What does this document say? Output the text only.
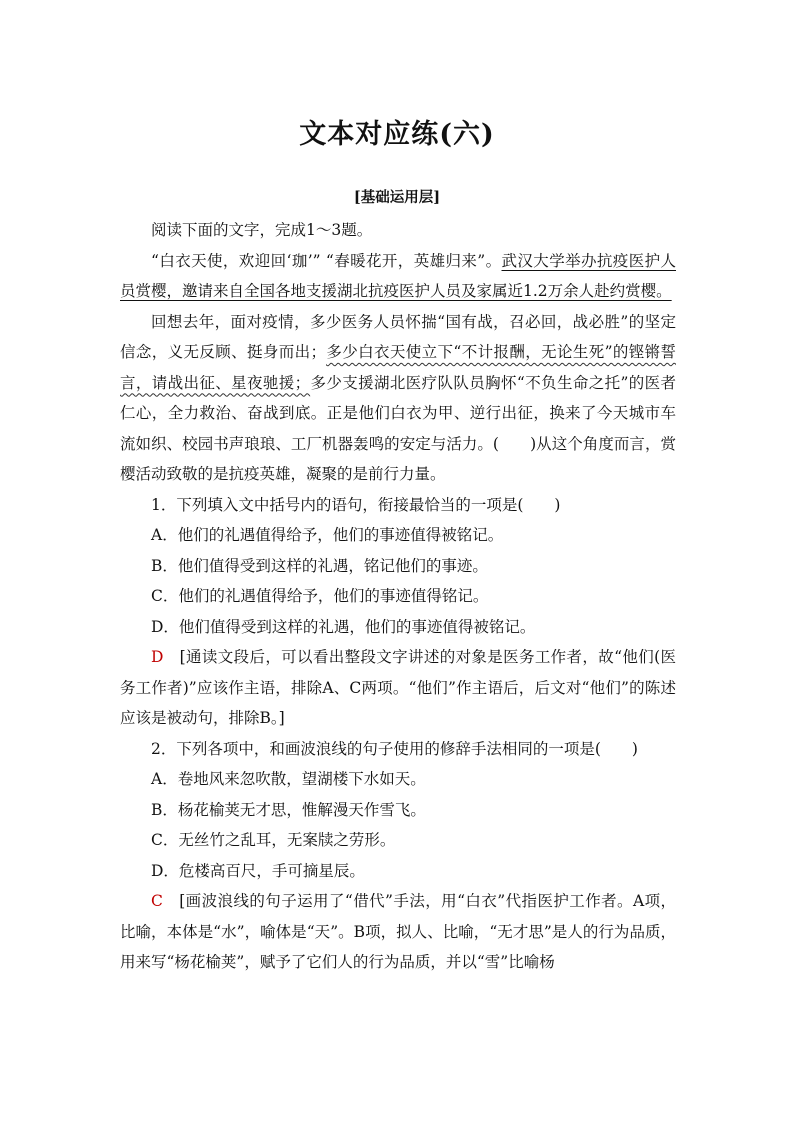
文本对应练(六)
[基础运用层]

阅读下面的文字，完成1～3题。

“白衣天使，欢迎回‘珈’” “春暖花开，英雄归来”。武汉大学举办抗疫医护人员赏樱，邀请来自全国各地支援湖北抗疫医护人员及家属近1.2万余人赴约赏樱。

回想去年，面对疫情，多少医务人员怀揣“国有战，召必回，战必胜”的坚定信念，义无反顾、挺身而出；多少白衣天使立下“不计报酬，无论生死”的铿锵誓言，请战出征、星夜驰援；多少支援湖北医疗队队员胸怀“不负生命之托”的医者仁心，全力救治、奋战到底。正是他们白衣为甲、逆行出征，换来了今天城市车流如织、校园书声琅琅、工厂机器轰鸣的安定与活力。(　　)从这个角度而言，赏樱活动致敬的是抗疫英雄，凝聚的是前行力量。

1．下列填入文中括号内的语句，衔接最恰当的一项是(　　)

A．他们的礼遇值得给予，他们的事迹值得被铭记。

B．他们值得受到这样的礼遇，铭记他们的事迹。

C．他们的礼遇值得给予，他们的事迹值得铭记。

D．他们值得受到这样的礼遇，他们的事迹值得被铭记。

D　[通读文段后，可以看出整段文字讲述的对象是医务工作者，故“他们(医务工作者)”应该作主语，排除A、C两项。“他们”作主语后，后文对“他们”的陈述应该是被动句，排除B。]

2．下列各项中，和画波浪线的句子使用的修辞手法相同的一项是(　　)

A．卷地风来忽吹散，望湖楼下水如天。

B．杨花榆荚无才思，惟解漫天作雪飞。

C．无丝竹之乱耳，无案牍之劳形。

D．危楼高百尺，手可摘星辰。

C　[画波浪线的句子运用了“借代”手法，用“白衣”代指医护工作者。A项，比喻，本体是“水”，喻体是“天”。B项，拟人、比喻，“无才思”是人的行为品质，用来写“杨花榆荚”，赋予了它们人的行为品质，并以“雪”比喻杨
